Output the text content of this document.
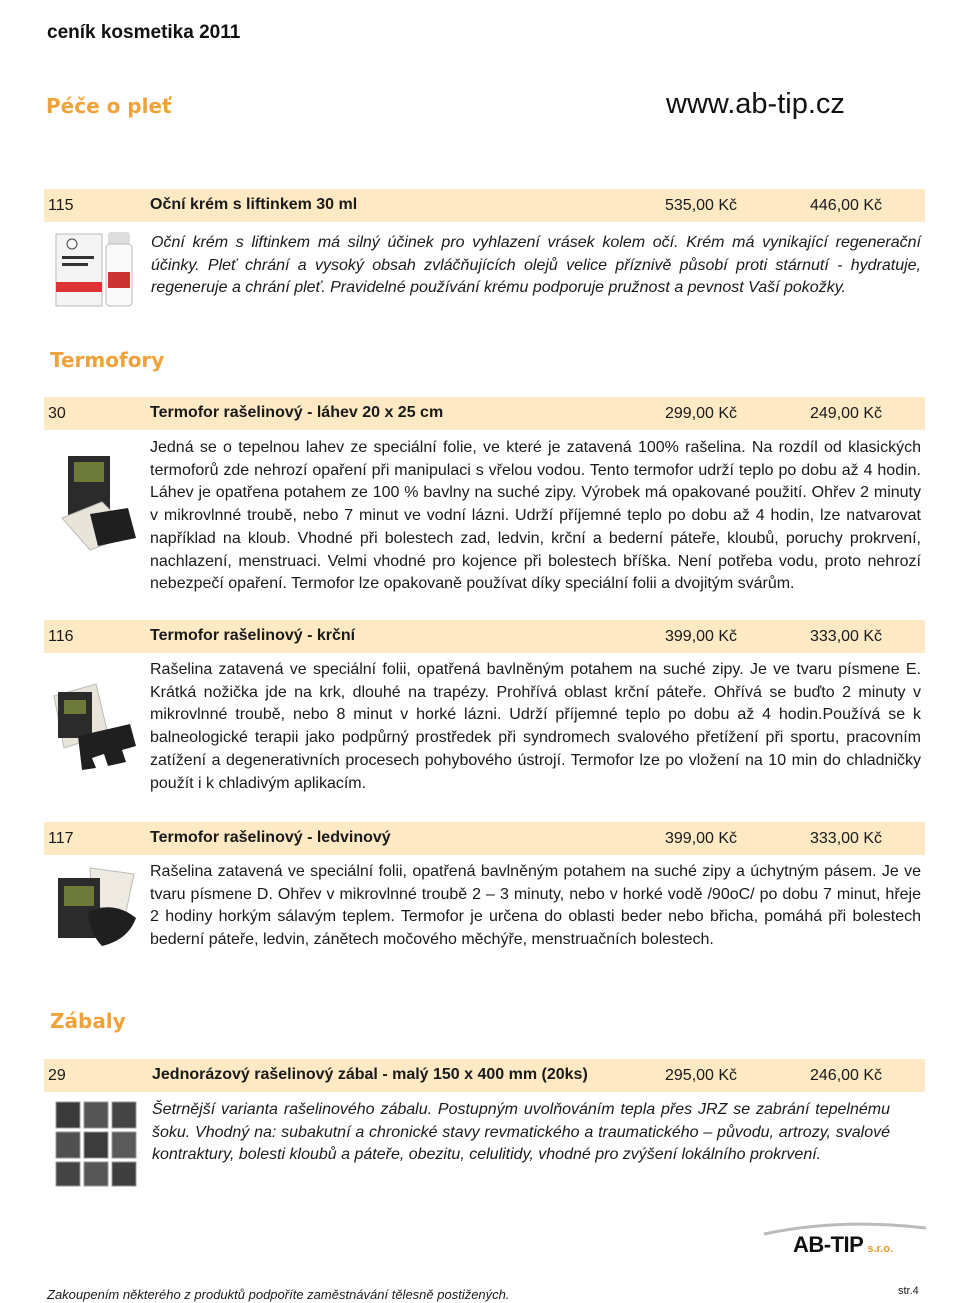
ceník kosmetika 2011
Péče o pleť	www.ab-tip.cz
115	Oční krém s liftinkem 30 ml	535,00 Kč	446,00 Kč
Oční krém s liftinkem má silný účinek pro vyhlazení vrásek kolem očí. Krém má vynikající regenerační účinky. Pleť chrání a vysoký obsah zvláčňujících olejů velice příznivě působí proti stárnutí - hydratuje, regeneruje a chrání pleť. Pravidelné používání krému podporuje pružnost a pevnost Vaší pokožky.
Termofory
30	Termofor rašelinový - láhev 20 x 25 cm	299,00 Kč	249,00 Kč
Jedná se o tepelnou lahev ze speciální folie, ve které je zatavená 100% rašelina. Na rozdíl od klasických termoforů zde nehrozí opaření při manipulaci s vřelou vodou. Tento termofor udrží teplo po dobu až 4 hodin. Láhev je opatřena potahem ze 100 % bavlny na suché zipy. Výrobek má opakované použití. Ohřev 2 minuty v mikrovlnné troubě, nebo 7 minut ve vodní lázni. Udrží příjemné teplo po dobu až 4 hodin, lze natvarovat například na kloub. Vhodné při bolestech zad, ledvin, krční a bederní páteře, kloubů, poruchy prokrvení, nachlazení, menstruaci. Velmi vhodné pro kojence při bolestech bříška. Není potřeba vodu, proto nehrozí nebezpečí opaření. Termofor lze opakovaně používat díky speciální folii a dvojitým svárům.
116	Termofor rašelinový - krční	399,00 Kč	333,00 Kč
Rašelina zatavená ve speciální folii, opatřená bavlněným potahem na suché zipy. Je ve tvaru písmene E. Krátká nožička jde na krk, dlouhé na trapézy. Prohřívá oblast krční páteře. Ohřívá se buďto 2 minuty v mikrovlnné troubě, nebo 8 minut v horké lázni. Udrží příjemné teplo po dobu až 4 hodin.Používá se k balneologické terapii jako podpůrný prostředek při syndromech svalového přetížení při sportu, pracovním zatížení a degenerativních procesech pohybového ústrojí. Termofor lze po vložení na 10 min do chladničky použít i k chladivým aplikacím.
117	Termofor rašelinový - ledvinový	399,00 Kč	333,00 Kč
Rašelina zatavená ve speciální folii, opatřená bavlněným potahem na suché zipy a úchytným pásem. Je ve tvaru písmene D. Ohřev v mikrovlnné troubě 2 – 3 minuty, nebo v horké vodě /90oC/ po dobu 7 minut, hřeje 2 hodiny horkým sálavým teplem. Termofor je určena do oblasti beder nebo břicha, pomáhá při bolestech bederní páteře, ledvin, zánětech močového měchýře, menstruačních bolestech.
Zábaly
29	Jednorázový rašelinový zábal - malý 150 x 400 mm (20ks)	295,00 Kč	246,00 Kč
Šetrnější varianta rašelinového zábalu. Postupným uvolňováním tepla přes JRZ se zabrání tepelnému šoku. Vhodný na: subakutní a chronické stavy revmatického a traumatického – původu, artrozy, svalové kontraktury, bolesti kloubů a páteře, obezitu, celulitidy, vhodné pro zvýšení lokálního prokrvení.
AB-TIP s.r.o.
Zakoupením některého z produktů podpoříte zaměstnávání tělesně postižených.	str.4
